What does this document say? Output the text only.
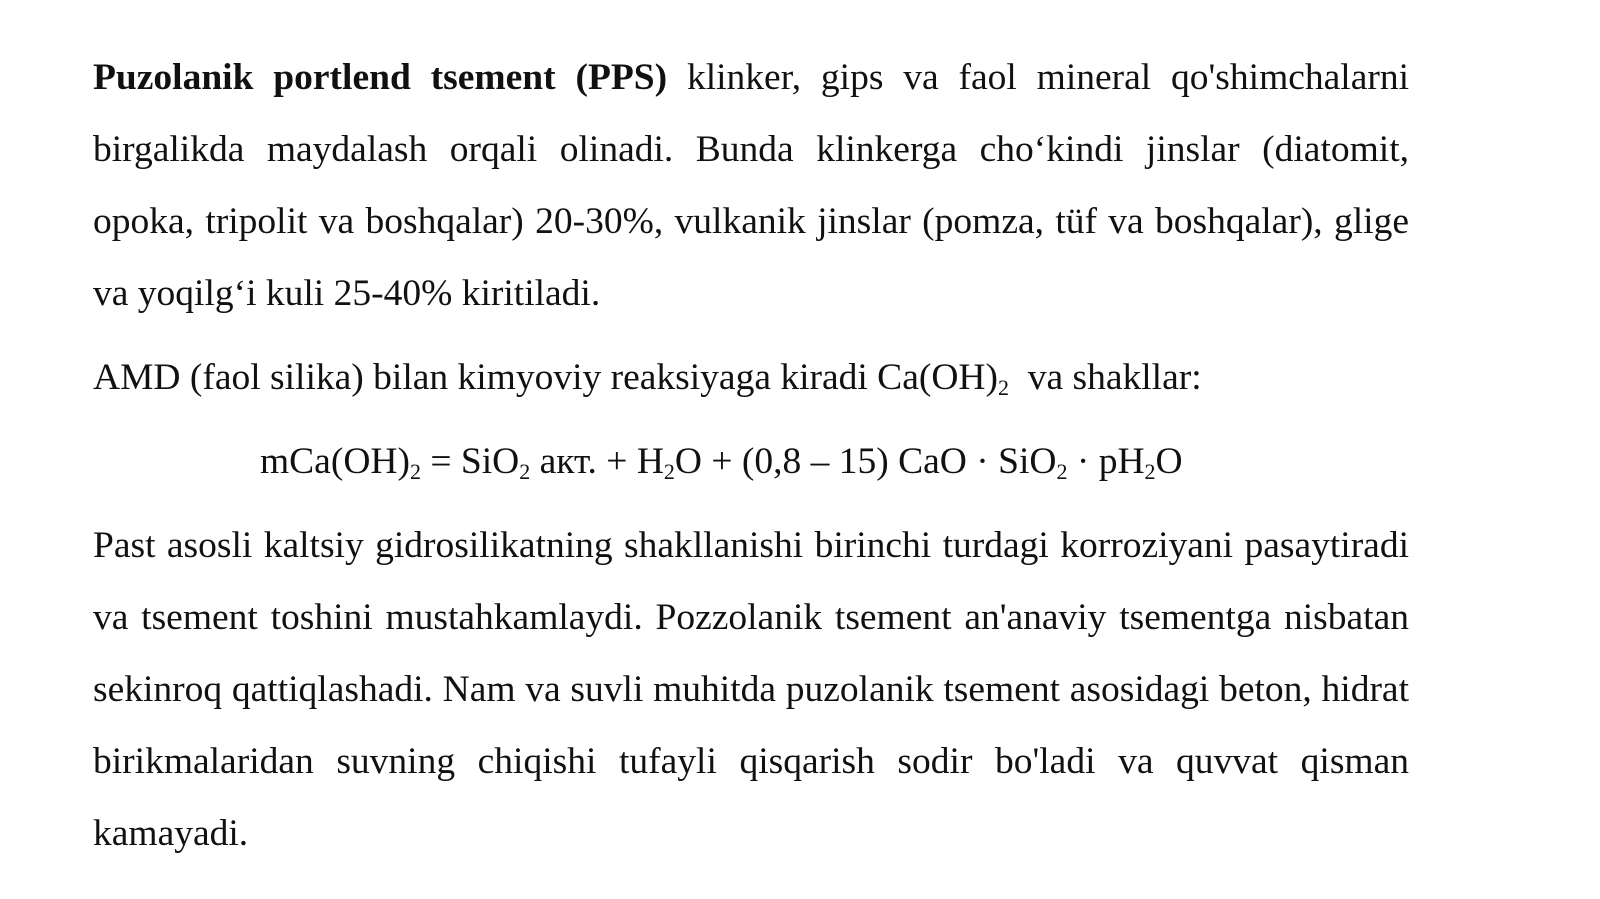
Puzolanik portlend tsement (PPS) klinker, gips va faol mineral qo'shimchalarni birgalikda maydalash orqali olinadi. Bunda klinkerga cho‘kindi jinslar (diatomit, opoka, tripolit va boshqalar) 20-30%, vulkanik jinslar (pomza, tüf va boshqalar), glige va yoqilg‘i kuli 25-40% kiritiladi.

AMD (faol silika) bilan kimyoviy reaksiyaga kiradi $Ca(OH)_2$  va shakllar:

$mCa(OH)_2 = SiO_2$ акт. + $H_2O + (0,8 - 15)$ CaO · $SiO_2 \cdot pH_2O$

Past asosli kaltsiy gidrosilikatning shakllanishi birinchi turdagi korroziyani pasaytiradi va tsement toshini mustahkamlaydi. Pozzolanik tsement an'anaviy tsementga nisbatan sekinroq qattiqlashadi. Nam va suvli muhitda puzolanik tsement asosidagi beton, hidrat birikmalaridan suvning chiqishi tufayli qisqarish sodir bo'ladi va quvvat qisman kamayadi.
